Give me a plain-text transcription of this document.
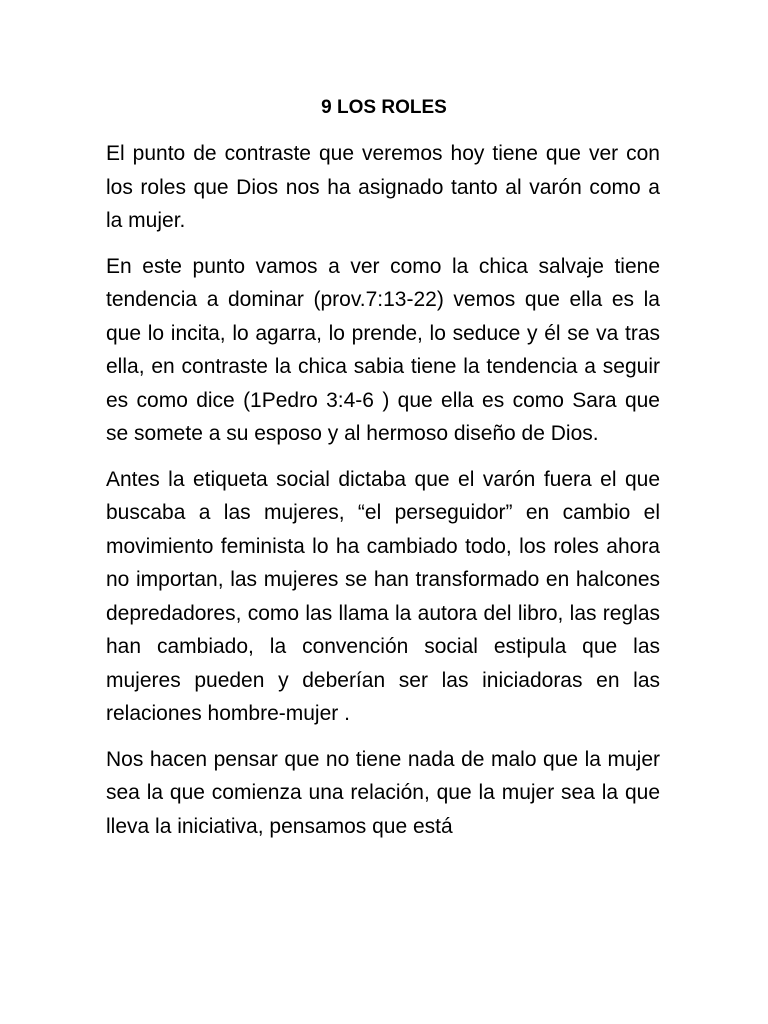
9 LOS ROLES

El punto de contraste que veremos hoy tiene que ver con los roles que Dios nos ha asignado tanto al varón como a la mujer.

En este punto vamos a ver como la chica salvaje tiene tendencia a dominar (prov.7:13-22) vemos que ella es la que lo incita, lo agarra, lo prende, lo seduce y él se va tras ella, en contraste la chica sabia tiene la tendencia a seguir es como dice (1Pedro 3:4-6 ) que ella es como Sara que se somete a su esposo y al hermoso diseño de Dios.

Antes la etiqueta social dictaba que el varón fuera el que buscaba a las mujeres, “el perseguidor” en cambio el movimiento feminista lo ha cambiado todo, los roles ahora no importan, las mujeres se han transformado en halcones depredadores, como las llama la autora del libro, las reglas han cambiado, la convención social estipula que las mujeres pueden y deberían ser las iniciadoras en las relaciones hombre-mujer .

Nos hacen pensar que no tiene nada de malo que la mujer sea la que comienza una relación, que la mujer sea la que lleva la iniciativa, pensamos que está
